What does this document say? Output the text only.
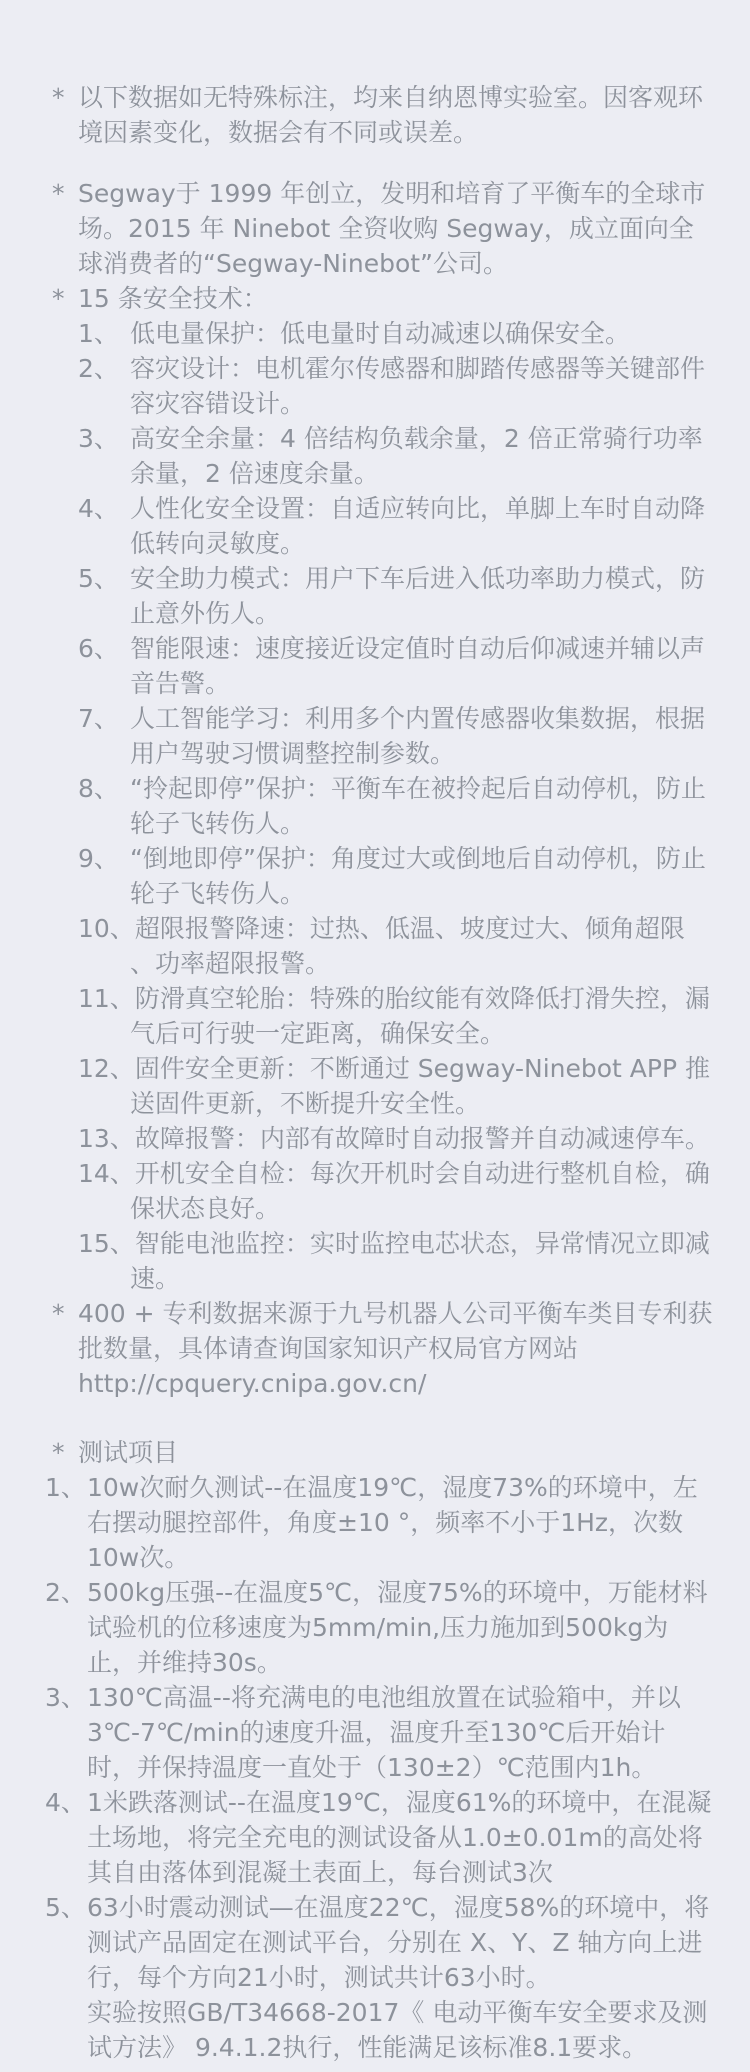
* 以下数据如无特殊标注，均来自纳恩博实验室。因客观环境因素变化，数据会有不同或误差。
* Segway于 1999 年创立，发明和培育了平衡车的全球市场。2015 年 Ninebot 全资收购 Segway，成立面向全球消费者的“Segway-Ninebot”公司。
* 15 条安全技术：
1、 低电量保护：低电量时自动减速以确保安全。
2、 容灾设计：电机霍尔传感器和脚踏传感器等关键部件容灾容错设计。
3、 高安全余量：4 倍结构负载余量，2 倍正常骑行功率余量，2 倍速度余量。
4、 人性化安全设置：自适应转向比，单脚上车时自动降低转向灵敏度。
5、 安全助力模式：用户下车后进入低功率助力模式，防止意外伤人。
6、 智能限速：速度接近设定值时自动后仰减速并辅以声音告警。
7、 人工智能学习：利用多个内置传感器收集数据，根据用户驾驶习惯调整控制参数。
8、 “拎起即停”保护：平衡车在被拎起后自动停机，防止轮子飞转伤人。
9、 “倒地即停”保护：角度过大或倒地后自动停机，防止轮子飞转伤人。
10、超限报警降速：过热、低温、坡度过大、倾角超限 、功率超限报警。
11、防滑真空轮胎：特殊的胎纹能有效降低打滑失控，漏气后可行驶一定距离，确保安全。
12、固件安全更新：不断通过 Segway-Ninebot APP 推送固件更新，不断提升安全性。
13、故障报警：内部有故障时自动报警并自动减速停车。
14、开机安全自检：每次开机时会自动进行整机自检，确保状态良好。
15、智能电池监控：实时监控电芯状态，异常情况立即减速。
* 400 + 专利数据来源于九号机器人公司平衡车类目专利获批数量，具体请查询国家知识产权局官方网站
http://cpquery.cnipa.gov.cn/
* 测试项目
1、10w次耐久测试--在温度19℃，湿度73%的环境中，左右摆动腿控部件，角度±10 °，频率不小于1Hz，次数10w次。
2、500kg压强--在温度5℃，湿度75%的环境中，万能材料试验机的位移速度为5mm/min,压力施加到500kg为止，并维持30s。
3、130℃高温--将充满电的电池组放置在试验箱中，并以3℃-7℃/min的速度升温，温度升至130℃后开始计时，并保持温度一直处于（130±2）℃范围内1h。
4、1米跌落测试--在温度19℃，湿度61%的环境中，在混凝土场地，将完全充电的测试设备从1.0±0.01m的高处将其自由落体到混凝土表面上，每台测试3次
5、63小时震动测试—在温度22℃，湿度58%的环境中，将测试产品固定在测试平台，分别在 X、Y、Z 轴方向上进行，每个方向21小时，测试共计63小时。
实验按照GB/T34668-2017《 电动平衡车安全要求及测试方法》 9.4.1.2执行，性能满足该标准8.1要求。
